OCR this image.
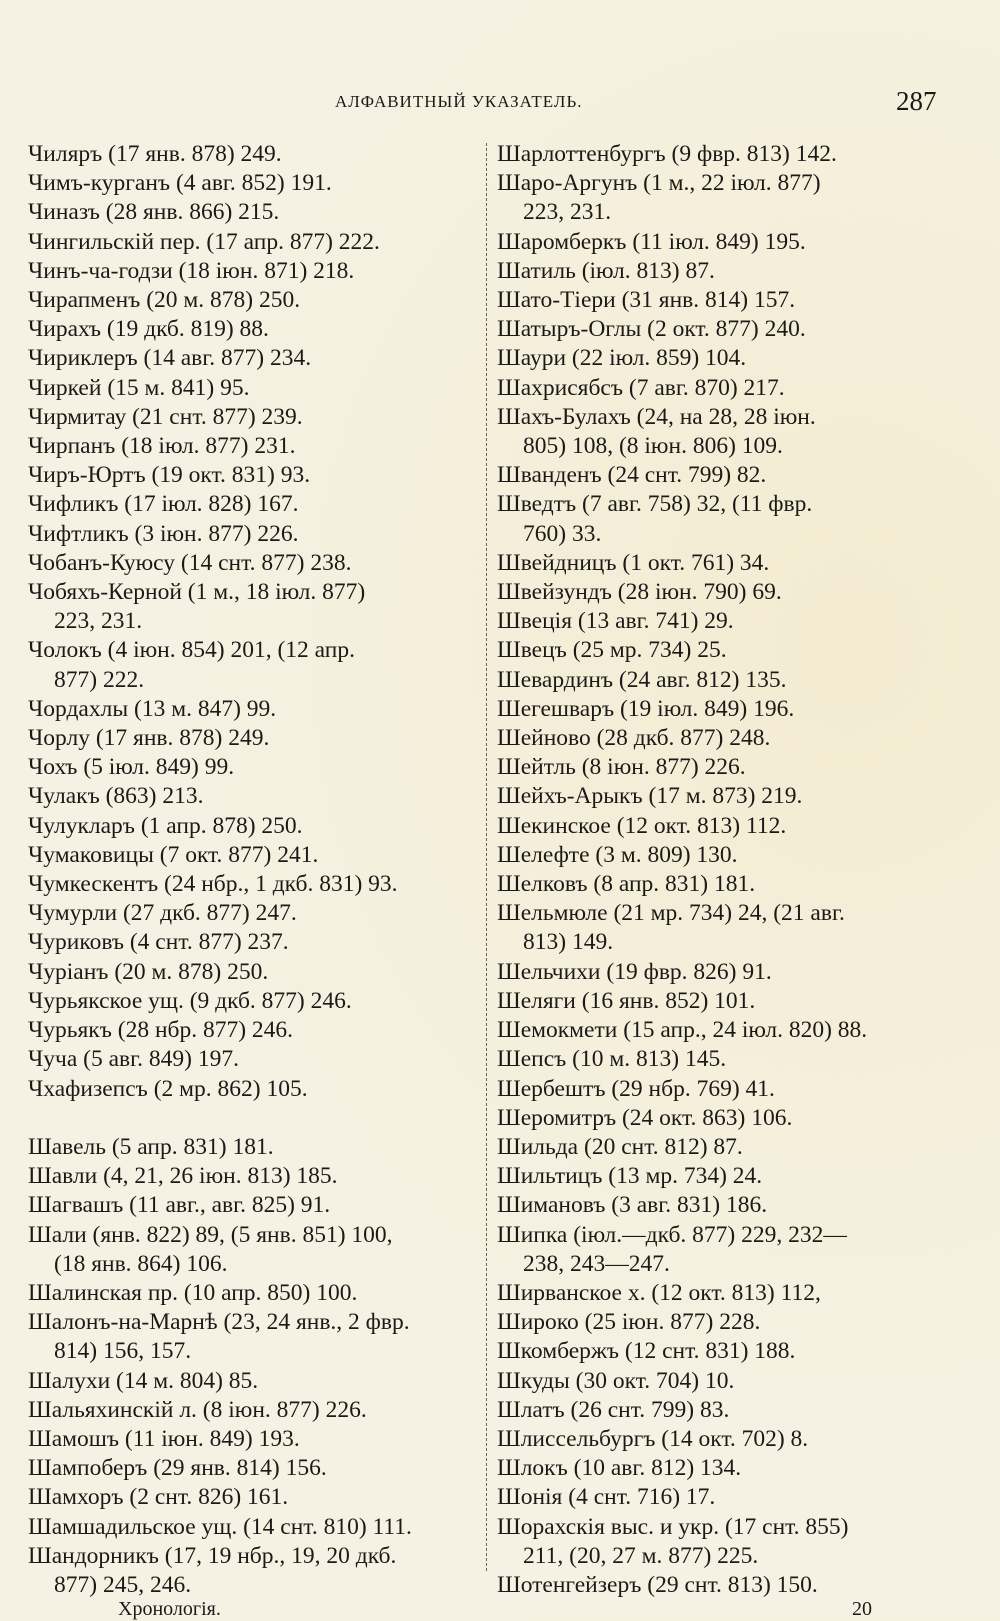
АЛФАВИТНЫЙ УКАЗАТЕЛЬ.	287
Чиляръ (17 янв. 878) 249.
Чимъ-курганъ (4 авг. 852) 191.
Чиназъ (28 янв. 866) 215.
Чингильскій пер. (17 апр. 877) 222.
Чинъ-ча-годзи (18 іюн. 871) 218.
Чирапменъ (20 м. 878) 250.
Чирахъ (19 дкб. 819) 88.
Чириклеръ (14 авг. 877) 234.
Чиркей (15 м. 841) 95.
Чирмитау (21 снт. 877) 239.
Чирпанъ (18 іюл. 877) 231.
Чиръ-Юртъ (19 окт. 831) 93.
Чифликъ (17 іюл. 828) 167.
Чифтликъ (3 іюн. 877) 226.
Чобанъ-Куюсу (14 снт. 877) 238.
Чобяхъ-Керной (1 м., 18 іюл. 877)
223, 231.
Чолокъ (4 іюн. 854) 201, (12 апр.
877) 222.
Чордахлы (13 м. 847) 99.
Чорлу (17 янв. 878) 249.
Чохъ (5 іюл. 849) 99.
Чулакъ (863) 213.
Чулукларъ (1 апр. 878) 250.
Чумаковицы (7 окт. 877) 241.
Чумкескентъ (24 нбр., 1 дкб. 831) 93.
Чумурли (27 дкб. 877) 247.
Чуриковъ (4 снт. 877) 237.
Чуріанъ (20 м. 878) 250.
Чурьякское ущ. (9 дкб. 877) 246.
Чурьякъ (28 нбр. 877) 246.
Чуча (5 авг. 849) 197.
Чхафизепсъ (2 мр. 862) 105.
Шавель (5 апр. 831) 181.
Шавли (4, 21, 26 іюн. 813) 185.
Шагвашъ (11 авг., авг. 825) 91.
Шали (янв. 822) 89, (5 янв. 851) 100,
(18 янв. 864) 106.
Шалинская пр. (10 апр. 850) 100.
Шалонъ-на-Марнѣ (23, 24 янв., 2 фвр.
814) 156, 157.
Шалухи (14 м. 804) 85.
Шальяхинскій л. (8 іюн. 877) 226.
Шамошъ (11 іюн. 849) 193.
Шампоберъ (29 янв. 814) 156.
Шамхоръ (2 снт. 826) 161.
Шамшадильское ущ. (14 снт. 810) 111.
Шандорникъ (17, 19 нбр., 19, 20 дкб.
877) 245, 246.
Шарлоттенбургъ (9 фвр. 813) 142.
Шаро-Аргунъ (1 м., 22 іюл. 877)
223, 231.
Шаромберкъ (11 іюл. 849) 195.
Шатиль (іюл. 813) 87.
Шато-Тіери (31 янв. 814) 157.
Шатыръ-Оглы (2 окт. 877) 240.
Шаури (22 іюл. 859) 104.
Шахрисябсъ (7 авг. 870) 217.
Шахъ-Булахъ (24, на 28, 28 іюн.
805) 108, (8 іюн. 806) 109.
Шванденъ (24 снт. 799) 82.
Шведтъ (7 авг. 758) 32, (11 фвр.
760) 33.
Швейдницъ (1 окт. 761) 34.
Швейзундъ (28 іюн. 790) 69.
Швеція (13 авг. 741) 29.
Швецъ (25 мр. 734) 25.
Шевардинъ (24 авг. 812) 135.
Шегешваръ (19 іюл. 849) 196.
Шейново (28 дкб. 877) 248.
Шейтль (8 іюн. 877) 226.
Шейхъ-Арыкъ (17 м. 873) 219.
Шекинское (12 окт. 813) 112.
Шелефте (3 м. 809) 130.
Шелковъ (8 апр. 831) 181.
Шельмюле (21 мр. 734) 24, (21 авг.
813) 149.
Шельчихи (19 фвр. 826) 91.
Шеляги (16 янв. 852) 101.
Шемокмети (15 апр., 24 іюл. 820) 88.
Шепсъ (10 м. 813) 145.
Шербештъ (29 нбр. 769) 41.
Шеромитръ (24 окт. 863) 106.
Шильда (20 снт. 812) 87.
Шильтицъ (13 мр. 734) 24.
Шимановъ (3 авг. 831) 186.
Шипка (іюл.—дкб. 877) 229, 232—
238, 243—247.
Ширванское х. (12 окт. 813) 112,
Широко (25 іюн. 877) 228.
Шкомбержъ (12 снт. 831) 188.
Шкуды (30 окт. 704) 10.
Шлатъ (26 снт. 799) 83.
Шлиссельбургъ (14 окт. 702) 8.
Шлокъ (10 авг. 812) 134.
Шонія (4 снт. 716) 17.
Шорахскія выс. и укр. (17 снт. 855)
211, (20, 27 м. 877) 225.
Шотенгейзеръ (29 снт. 813) 150.
Хронологія.	20
